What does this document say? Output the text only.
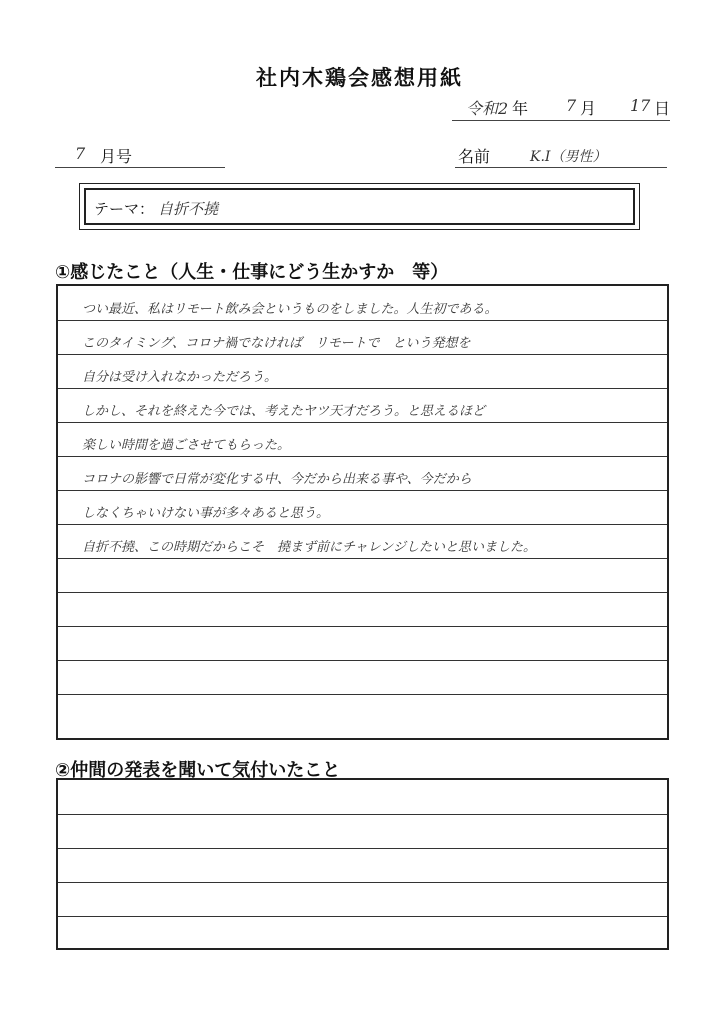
社内木鶏会感想用紙
令和2 年 7 月 17 日
7 月号	名前	K.I（男性）
テーマ： 自折不撓
①感じたこと（人生・仕事にどう生かすか　等）
つい最近、私はリモート飲み会というものをしました。人生初である。
このタイミング、コロナ禍でなければ　リモートで　という発想を
自分は受け入れなかっただろう。
しかし、それを終えた今では、考えたヤツ天才だろう。と思えるほど
楽しい時間を過ごさせてもらった。
コロナの影響で日常が変化する中、今だから出来る事や、今だから
しなくちゃいけない事が多々あると思う。
自折不撓、この時期だからこそ　撓まず前にチャレンジしたいと思いました。
②仲間の発表を聞いて気付いたこと
